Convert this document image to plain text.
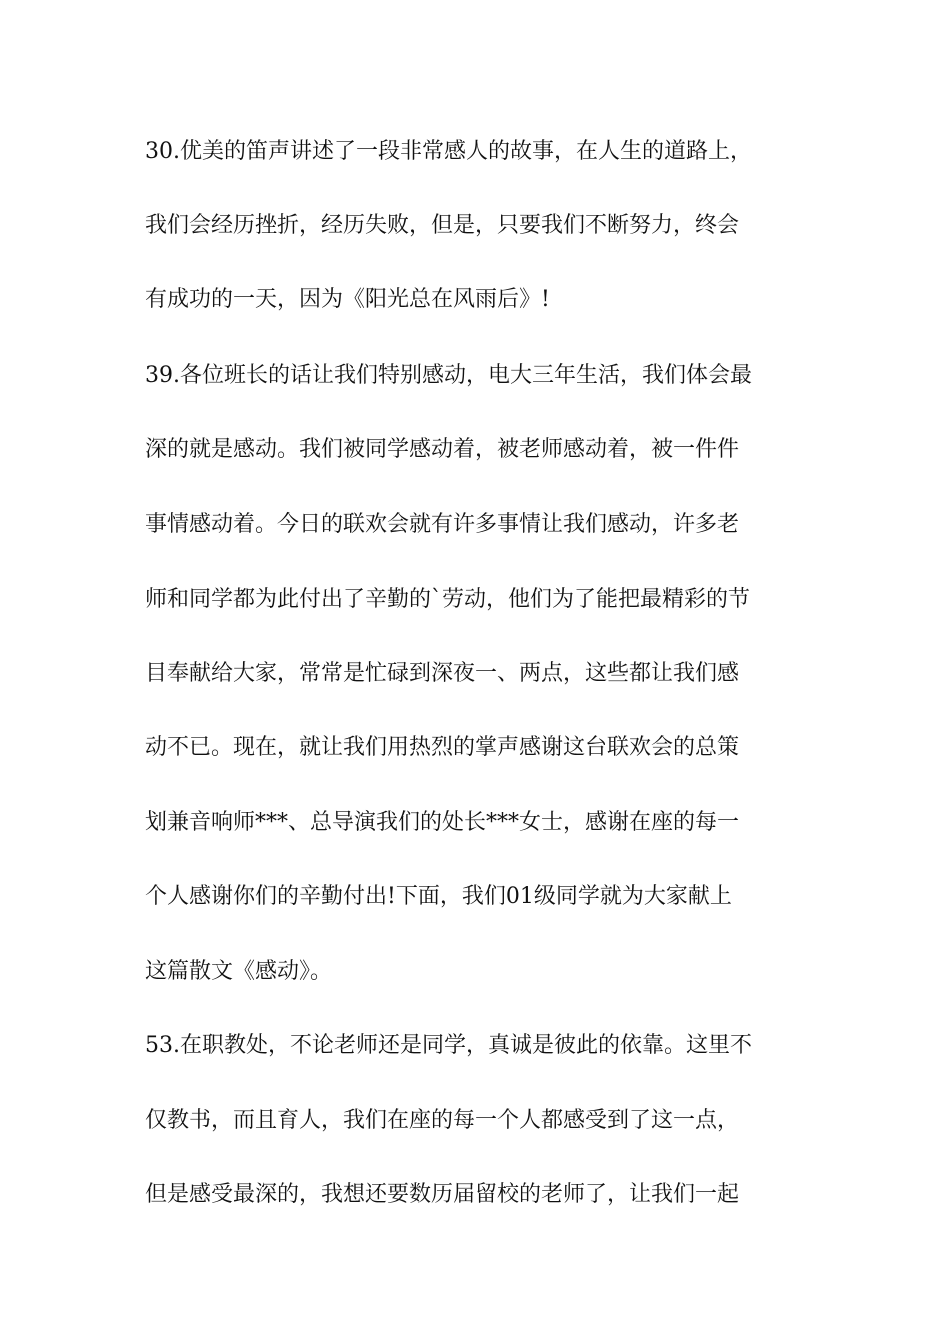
30.优美的笛声讲述了一段非常感人的故事，在人生的道路上，
我们会经历挫折，经历失败，但是，只要我们不断努力，终会
有成功的一天，因为《阳光总在风雨后》!
39.各位班长的话让我们特别感动，电大三年生活，我们体会最
深的就是感动。我们被同学感动着，被老师感动着，被一件件
事情感动着。今日的联欢会就有许多事情让我们感动，许多老
师和同学都为此付出了辛勤的`劳动，他们为了能把最精彩的节
目奉献给大家，常常是忙碌到深夜一、两点，这些都让我们感
动不已。现在，就让我们用热烈的掌声感谢这台联欢会的总策
划兼音响师***、总导演我们的处长***女士，感谢在座的每一
个人感谢你们的辛勤付出!下面，我们01级同学就为大家献上
这篇散文《感动》。
53.在职教处，不论老师还是同学，真诚是彼此的依靠。这里不
仅教书，而且育人，我们在座的每一个人都感受到了这一点，
但是感受最深的，我想还要数历届留校的老师了，让我们一起
